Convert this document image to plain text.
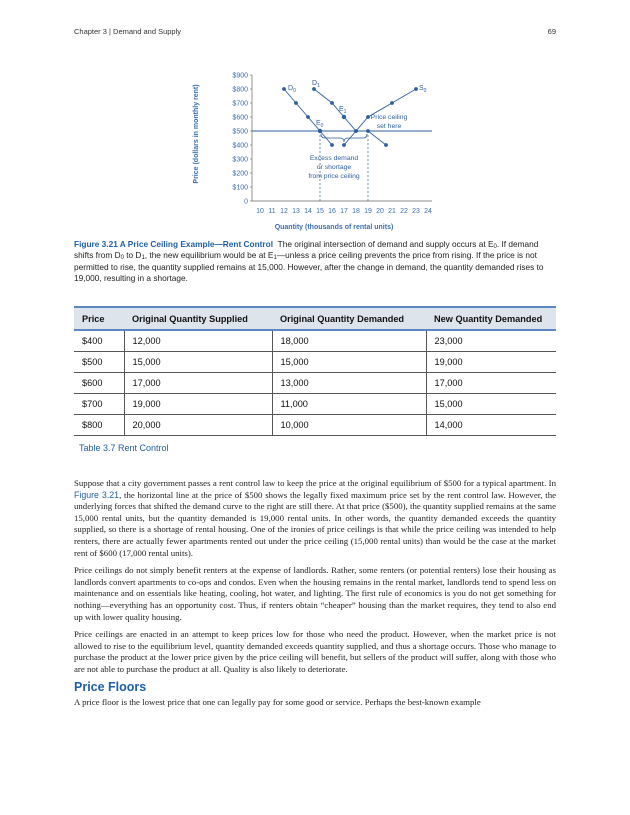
Chapter 3 | Demand and Supply	69
$900
$800
$700
$600
$500
$400
$300
$200
$100
0
10 11 12 13 14 15 16 17 18 19 20 21 22 23 24
$D_0$
$D_1$	$S_0$
$E_0$
$E_1$
Price ceiling
set here
Excess demand
or shortage
from price ceiling
Quantity (thousands of rental units)
Price (dollars in monthly rent)
Figure 3.21 A Price Ceiling Example—Rent Control The original intersection of demand and supply occurs at $E_0$. If demand shifts from $D_0$ to $D_1$, the new equilibrium would be at $E_1—unless$ a price ceiling prevents the price from rising. If the price is not permitted to rise, the quantity supplied remains at 15,000. However, after the change in demand, the quantity demanded rises to 19,000, resulting in a shortage.
Price	Original Quantity Supplied	Original Quantity Demanded	New Quantity Demanded
$400	12,000	18,000	23,000
$500	15,000	15,000	19,000
$600	17,000	13,000	17,000
$700	19,000	11,000	15,000
$800	20,000	10,000	14,000
Table 3.7 Rent Control

Suppose that a city government passes a rent control law to keep the price at the original equilibrium of $500 for a typical apartment. In Figure 3.21, the horizontal line at the price of $500 shows the legally fixed maximum price set by the rent control law. However, the underlying forces that shifted the demand curve to the right are still there. At that price ($500), the quantity supplied remains at the same 15,000 rental units, but the quantity demanded is 19,000 rental units. In other words, the quantity demanded exceeds the quantity supplied, so there is a shortage of rental housing. One of the ironies of price ceilings is that while the price ceiling was intended to help renters, there are actually fewer apartments rented out under the price ceiling (15,000 rental units) than would be the case at the market rent of $600 (17,000 rental units).

Price ceilings do not simply benefit renters at the expense of landlords. Rather, some renters (or potential renters) lose their housing as landlords convert apartments to co-ops and condos. Even when the housing remains in the rental market, landlords tend to spend less on maintenance and on essentials like heating, cooling, hot water, and lighting. The first rule of economics is you do not get something for nothing—everything has an opportunity cost. Thus, if renters obtain “cheaper” housing than the market requires, they tend to also end up with lower quality housing.

Price ceilings are enacted in an attempt to keep prices low for those who need the product. However, when the market price is not allowed to rise to the equilibrium level, quantity demanded exceeds quantity supplied, and thus a shortage occurs. Those who manage to purchase the product at the lower price given by the price ceiling will benefit, but sellers of the product will suffer, along with those who are not able to purchase the product at all. Quality is also likely to deteriorate.

Price Floors

A price floor is the lowest price that one can legally pay for some good or service. Perhaps the best-known example
